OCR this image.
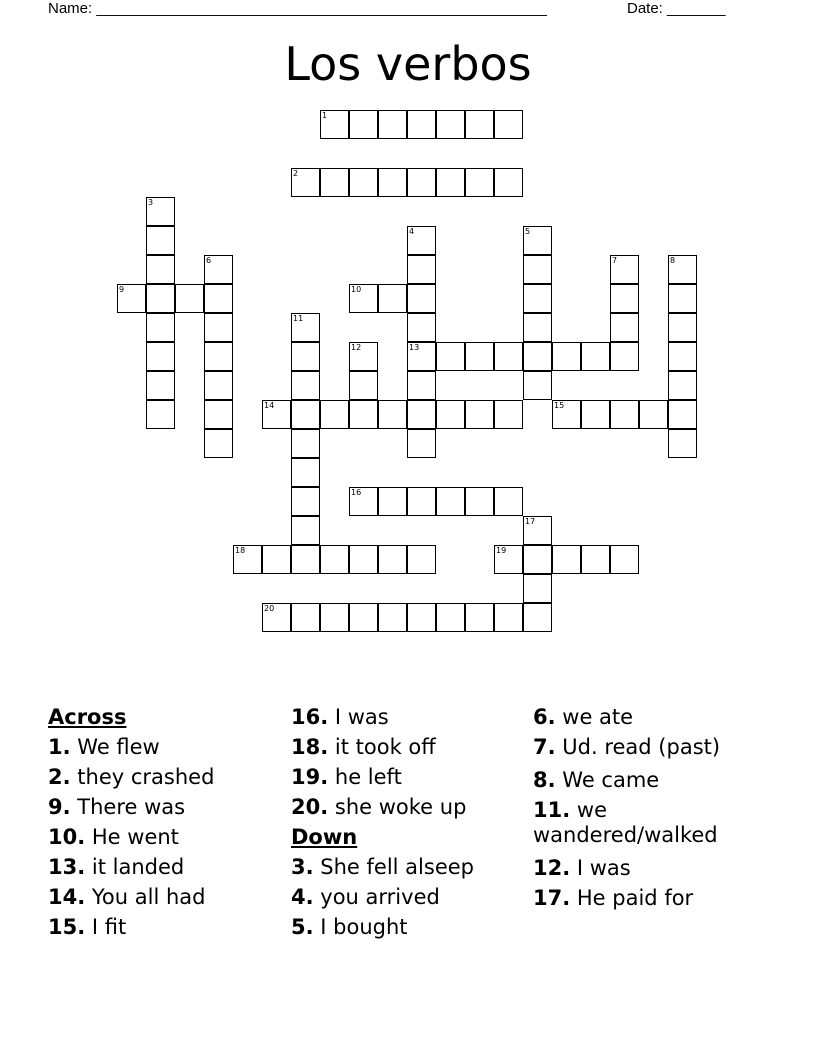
Name: ______________________________________________________	Date: _______
Los verbos
1
2
3
4	5
6	7	8
9	10
11
12	13
14	15
16
17
18	19
20
Across
1. We flew
2. they crashed
9. There was
10. He went
13. it landed
14. You all had
15. I fit
16. I was
18. it took off
19. he left
20. she woke up
Down
3. She fell alseep
4. you arrived
5. I bought
6. we ate
7. Ud. read (past)
8. We came
11. we wandered/walked
12. I was
17. He paid for
